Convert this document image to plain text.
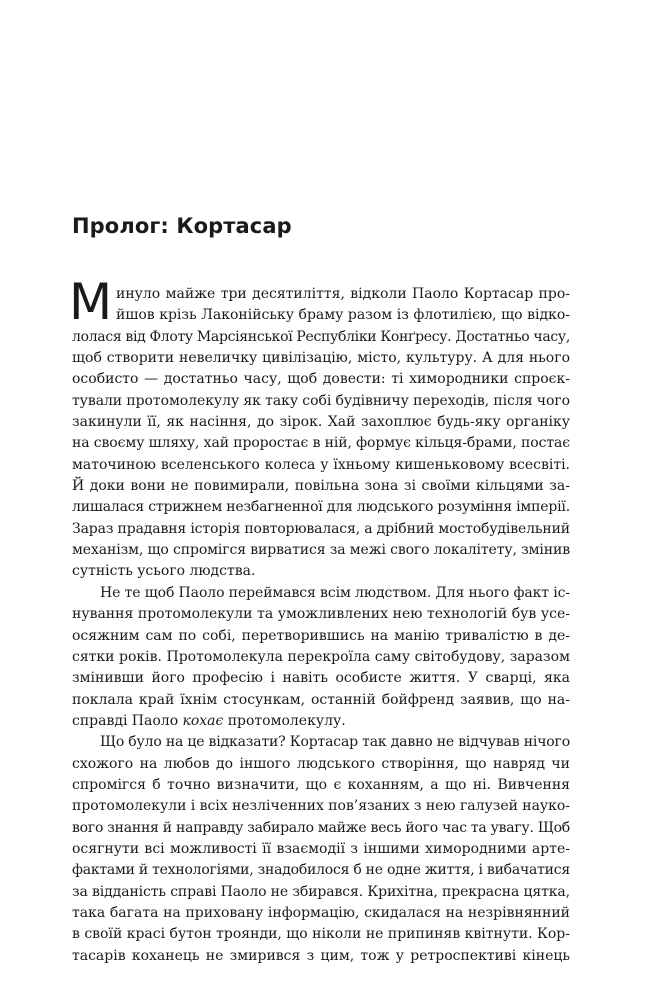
Пролог: Кортасар
М инуло майже три десятиліття, відколи Паоло Кортасар про-
йшов крізь Лаконійську браму разом із флотилією, що відко-
лолася від Флоту Марсіянської Республіки Конґресу. Достатньо часу,
щоб створити невеличку цивілізацію, місто, культуру. А для нього
особисто — достатньо часу, щоб довести: ті химородники спроєк-
тували протомолекулу як таку собі будівничу переходів, після чого
закинули її, як насіння, до зірок. Хай захоплює будь-яку органіку
на своєму шляху, хай проростає в ній, формує кільця-брами, постає
маточиною вселенського колеса у їхньому кишеньковому всесвіті.
Й доки вони не повимирали, повільна зона зі своїми кільцями за-
лишалася стрижнем незбагненної для людського розуміння імперії.
Зараз прадавня історія повторювалася, а дрібний мостобудівельний
механізм, що спромігся вирватися за межі свого локалітету, змінив
сутність усього людства.
Не те щоб Паоло переймався всім людством. Для нього факт іс-
нування протомолекули та уможливлених нею технологій був усе-
осяжним сам по собі, перетворившись на манію тривалістю в де-
сятки років. Протомолекула перекроїла саму світобудову, заразом
змінивши його професію і навіть особисте життя. У сварці, яка
поклала край їхнім стосункам, останній бойфренд заявив, що на-
справді Паоло кохає протомолекулу.
Що було на це відказати? Кортасар так давно не відчував нічого
схожого на любов до іншого людського створіння, що навряд чи
спромігся б точно визначити, що є коханням, а що ні. Вивчення
протомолекули і всіх незліченних пов’язаних з нею галузей науко-
вого знання й направду забирало майже весь його час та увагу. Щоб
осягнути всі можливості її взаємодії з іншими химородними арте-
фактами й технологіями, знадобилося б не одне життя, і вибачатися
за відданість справі Паоло не збирався. Крихітна, прекрасна цятка,
така багата на приховану інформацію, скидалася на незрівнянний
в своїй красі бутон троянди, що ніколи не припиняв квітнути. Кор-
тасарів коханець не змирився з цим, тож у ретроспективі кінець
